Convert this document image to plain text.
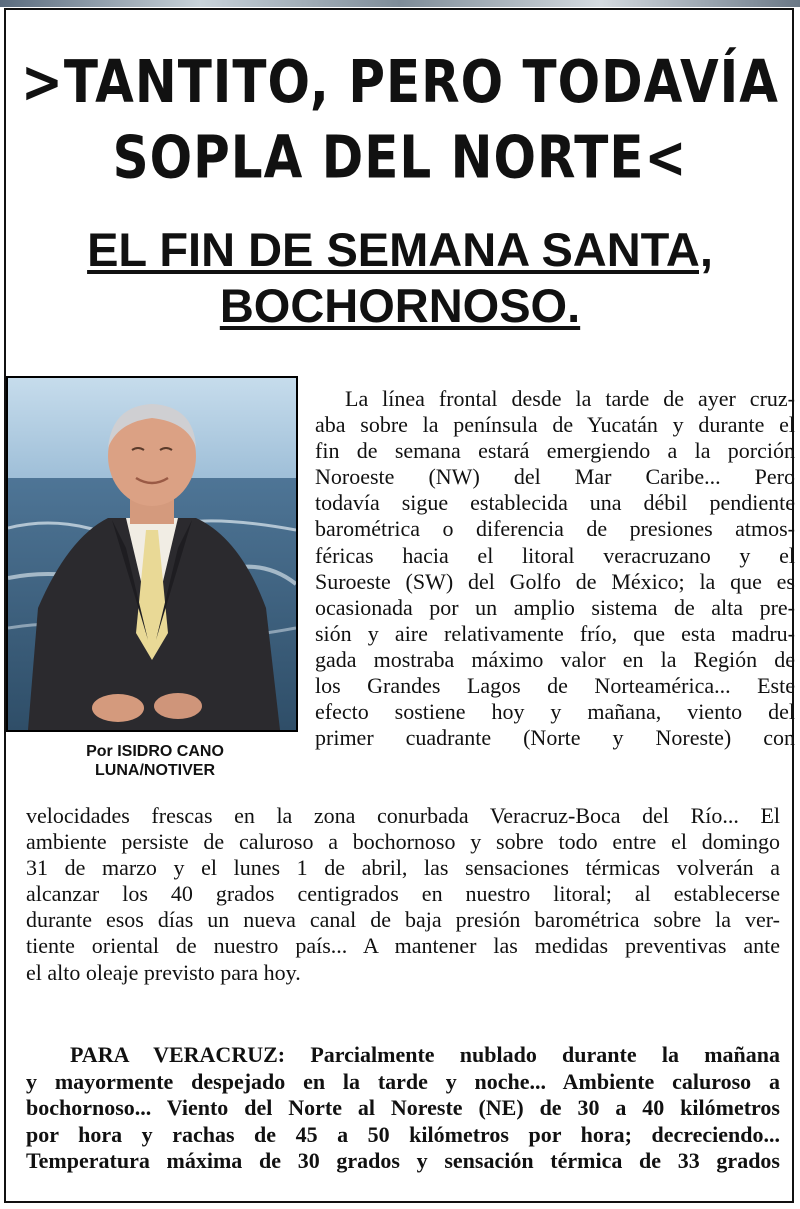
>TANTITO, PERO TODAVÍA
SOPLA DEL NORTE<
EL FIN DE SEMANA SANTA,
BOCHORNOSO.
Por ISIDRO CANO
LUNA/NOTIVER
La línea frontal desde la tarde de ayer cruz-
aba sobre la península de Yucatán y durante el
fin de semana estará emergiendo a la porción
Noroeste (NW) del Mar Caribe... Pero
todavía sigue establecida una débil pendiente
barométrica o diferencia de presiones atmos-
féricas hacia el litoral veracruzano y el
Suroeste (SW) del Golfo de México; la que es
ocasionada por un amplio sistema de alta pre-
sión y aire relativamente frío, que esta madru-
gada mostraba máximo valor en la Región de
los Grandes Lagos de Norteamérica... Este
efecto sostiene hoy y mañana, viento del
primer cuadrante (Norte y Noreste) con
velocidades frescas en la zona conurbada Veracruz-Boca del Río... El
ambiente persiste de caluroso a bochornoso y sobre todo entre el domingo
31 de marzo y el lunes 1 de abril, las sensaciones térmicas volverán a
alcanzar los 40 grados centigrados en nuestro litoral; al establecerse
durante esos días un nueva canal de baja presión barométrica sobre la ver-
tiente oriental de nuestro país... A mantener las medidas preventivas ante
el alto oleaje previsto para hoy.
PARA VERACRUZ: Parcialmente nublado durante la mañana
y mayormente despejado en la tarde y noche... Ambiente caluroso a
bochornoso... Viento del Norte al Noreste (NE) de 30 a 40 kilómetros
por hora y rachas de 45 a 50 kilómetros por hora; decreciendo...
Temperatura máxima de 30 grados y sensación térmica de 33 grados
